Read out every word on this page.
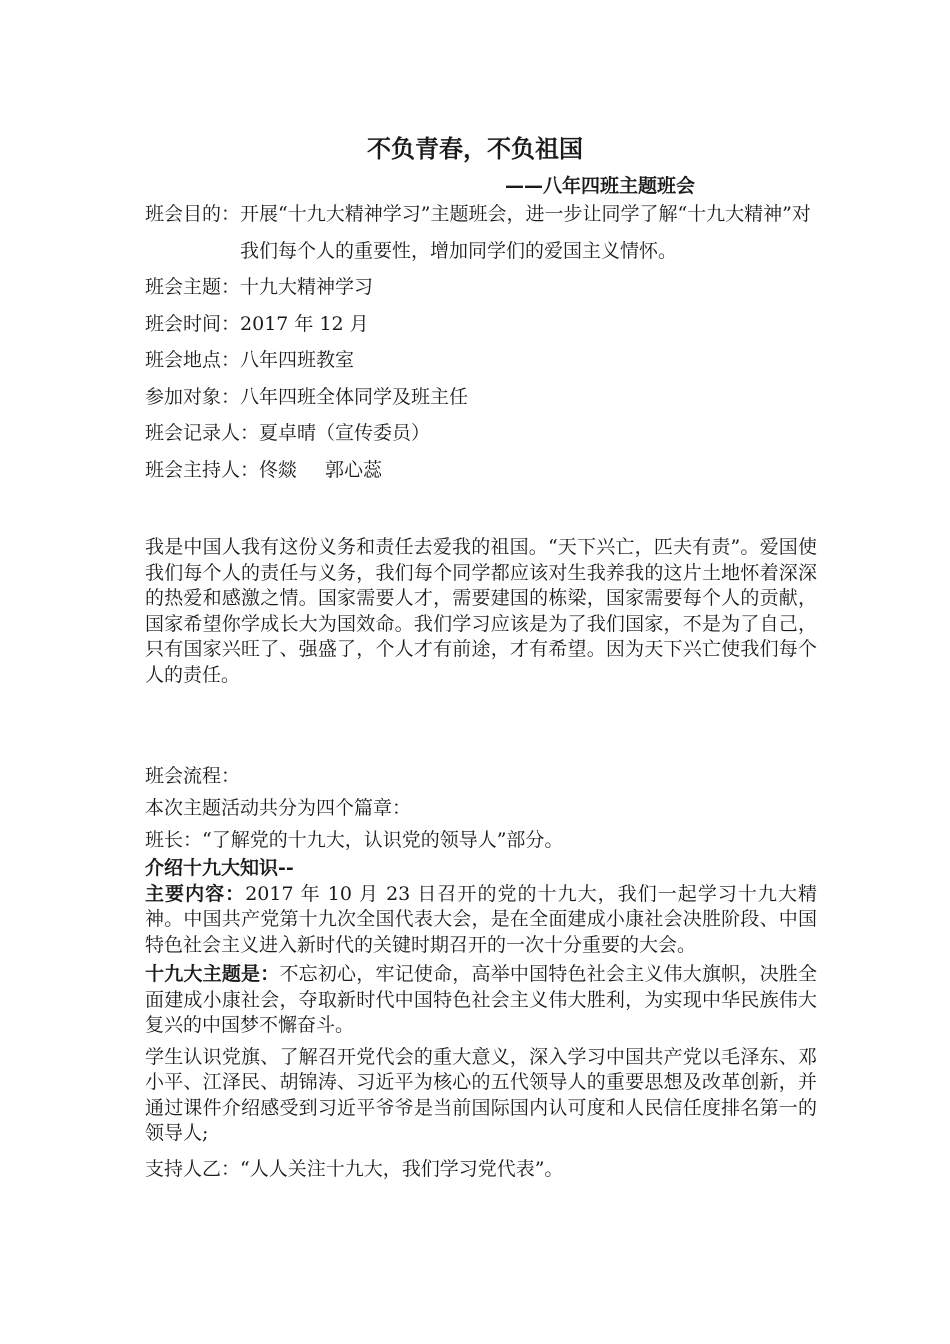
不负青春，不负祖国
——八年四班主题班会
班会目的： 开展“十九大精神学习”主题班会，进一步让同学了解“十九大精神”对我们每个人的重要性，增加同学们的爱国主义情怀。
班会主题： 十九大精神学习
班会时间： 2017 年 12 月
班会地点： 八年四班教室
参加对象： 八年四班全体同学及班主任
班会记录人： 夏卓晴（宣传委员）
班会主持人： 佟燚 郭心蕊

我是中国人我有这份义务和责任去爱我的祖国。“天下兴亡，匹夫有责”。爱国使我们每个人的责任与义务，我们每个同学都应该对生我养我的这片土地怀着深深的热爱和感激之情。国家需要人才，需要建国的栋梁，国家需要每个人的贡献，国家希望你学成长大为国效命。我们学习应该是为了我们国家，不是为了自己，只有国家兴旺了、强盛了，个人才有前途，才有希望。因为天下兴亡使我们每个人的责任。

班会流程：

本次主题活动共分为四个篇章：

班长：“了解党的十九大，认识党的领导人”部分。

介绍十九大知识--

主要内容：2017 年 10 月 23 日召开的党的十九大，我们一起学习十九大精神。中国共产党第十九次全国代表大会，是在全面建成小康社会决胜阶段、中国特色社会主义进入新时代的关键时期召开的一次十分重要的大会。

十九大主题是：不忘初心，牢记使命，高举中国特色社会主义伟大旗帜，决胜全面建成小康社会，夺取新时代中国特色社会主义伟大胜利，为实现中华民族伟大复兴的中国梦不懈奋斗。

学生认识党旗、了解召开党代会的重大意义，深入学习中国共产党以毛泽东、邓小平、江泽民、胡锦涛、习近平为核心的五代领导人的重要思想及改革创新，并通过课件介绍感受到习近平爷爷是当前国际国内认可度和人民信任度排名第一的领导人;

支持人乙：“人人关注十九大，我们学习党代表”。
